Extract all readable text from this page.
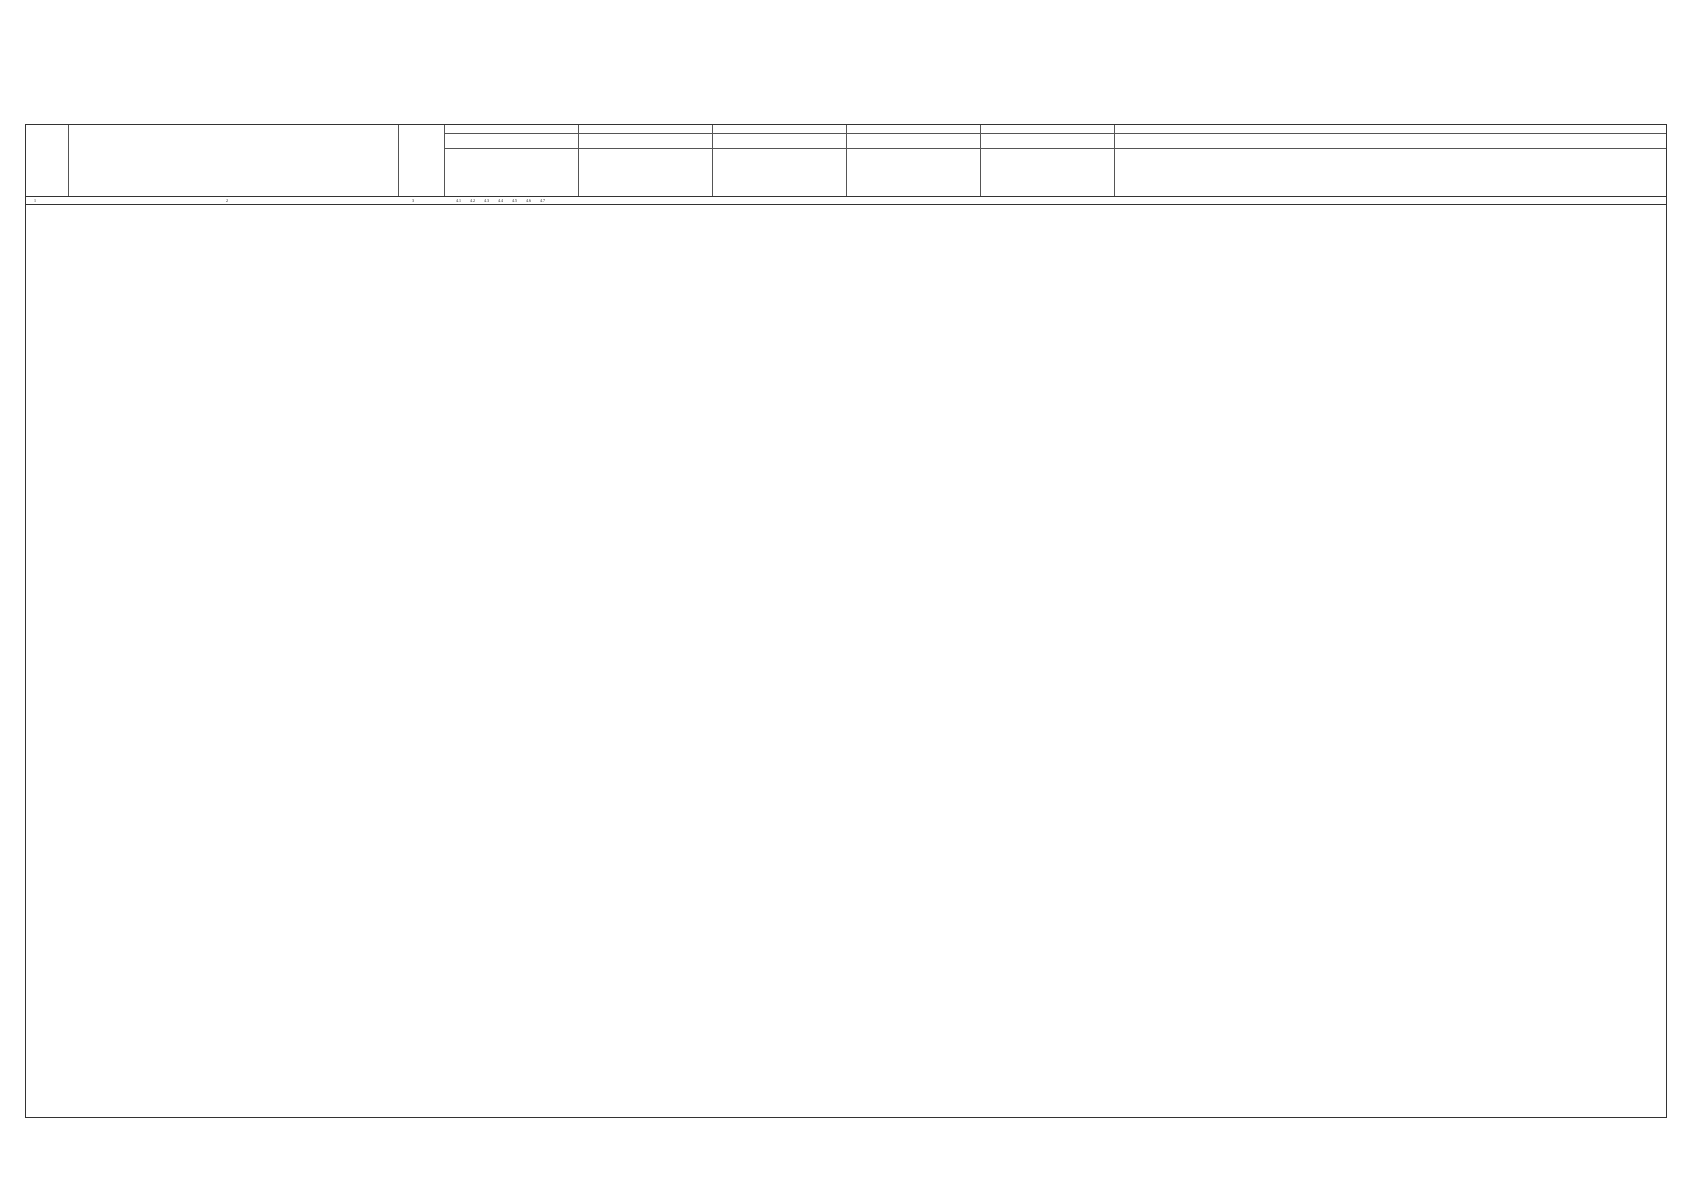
1	2	3	4.1 4.2 4.3 4.4 4.5 4.6 4.7
